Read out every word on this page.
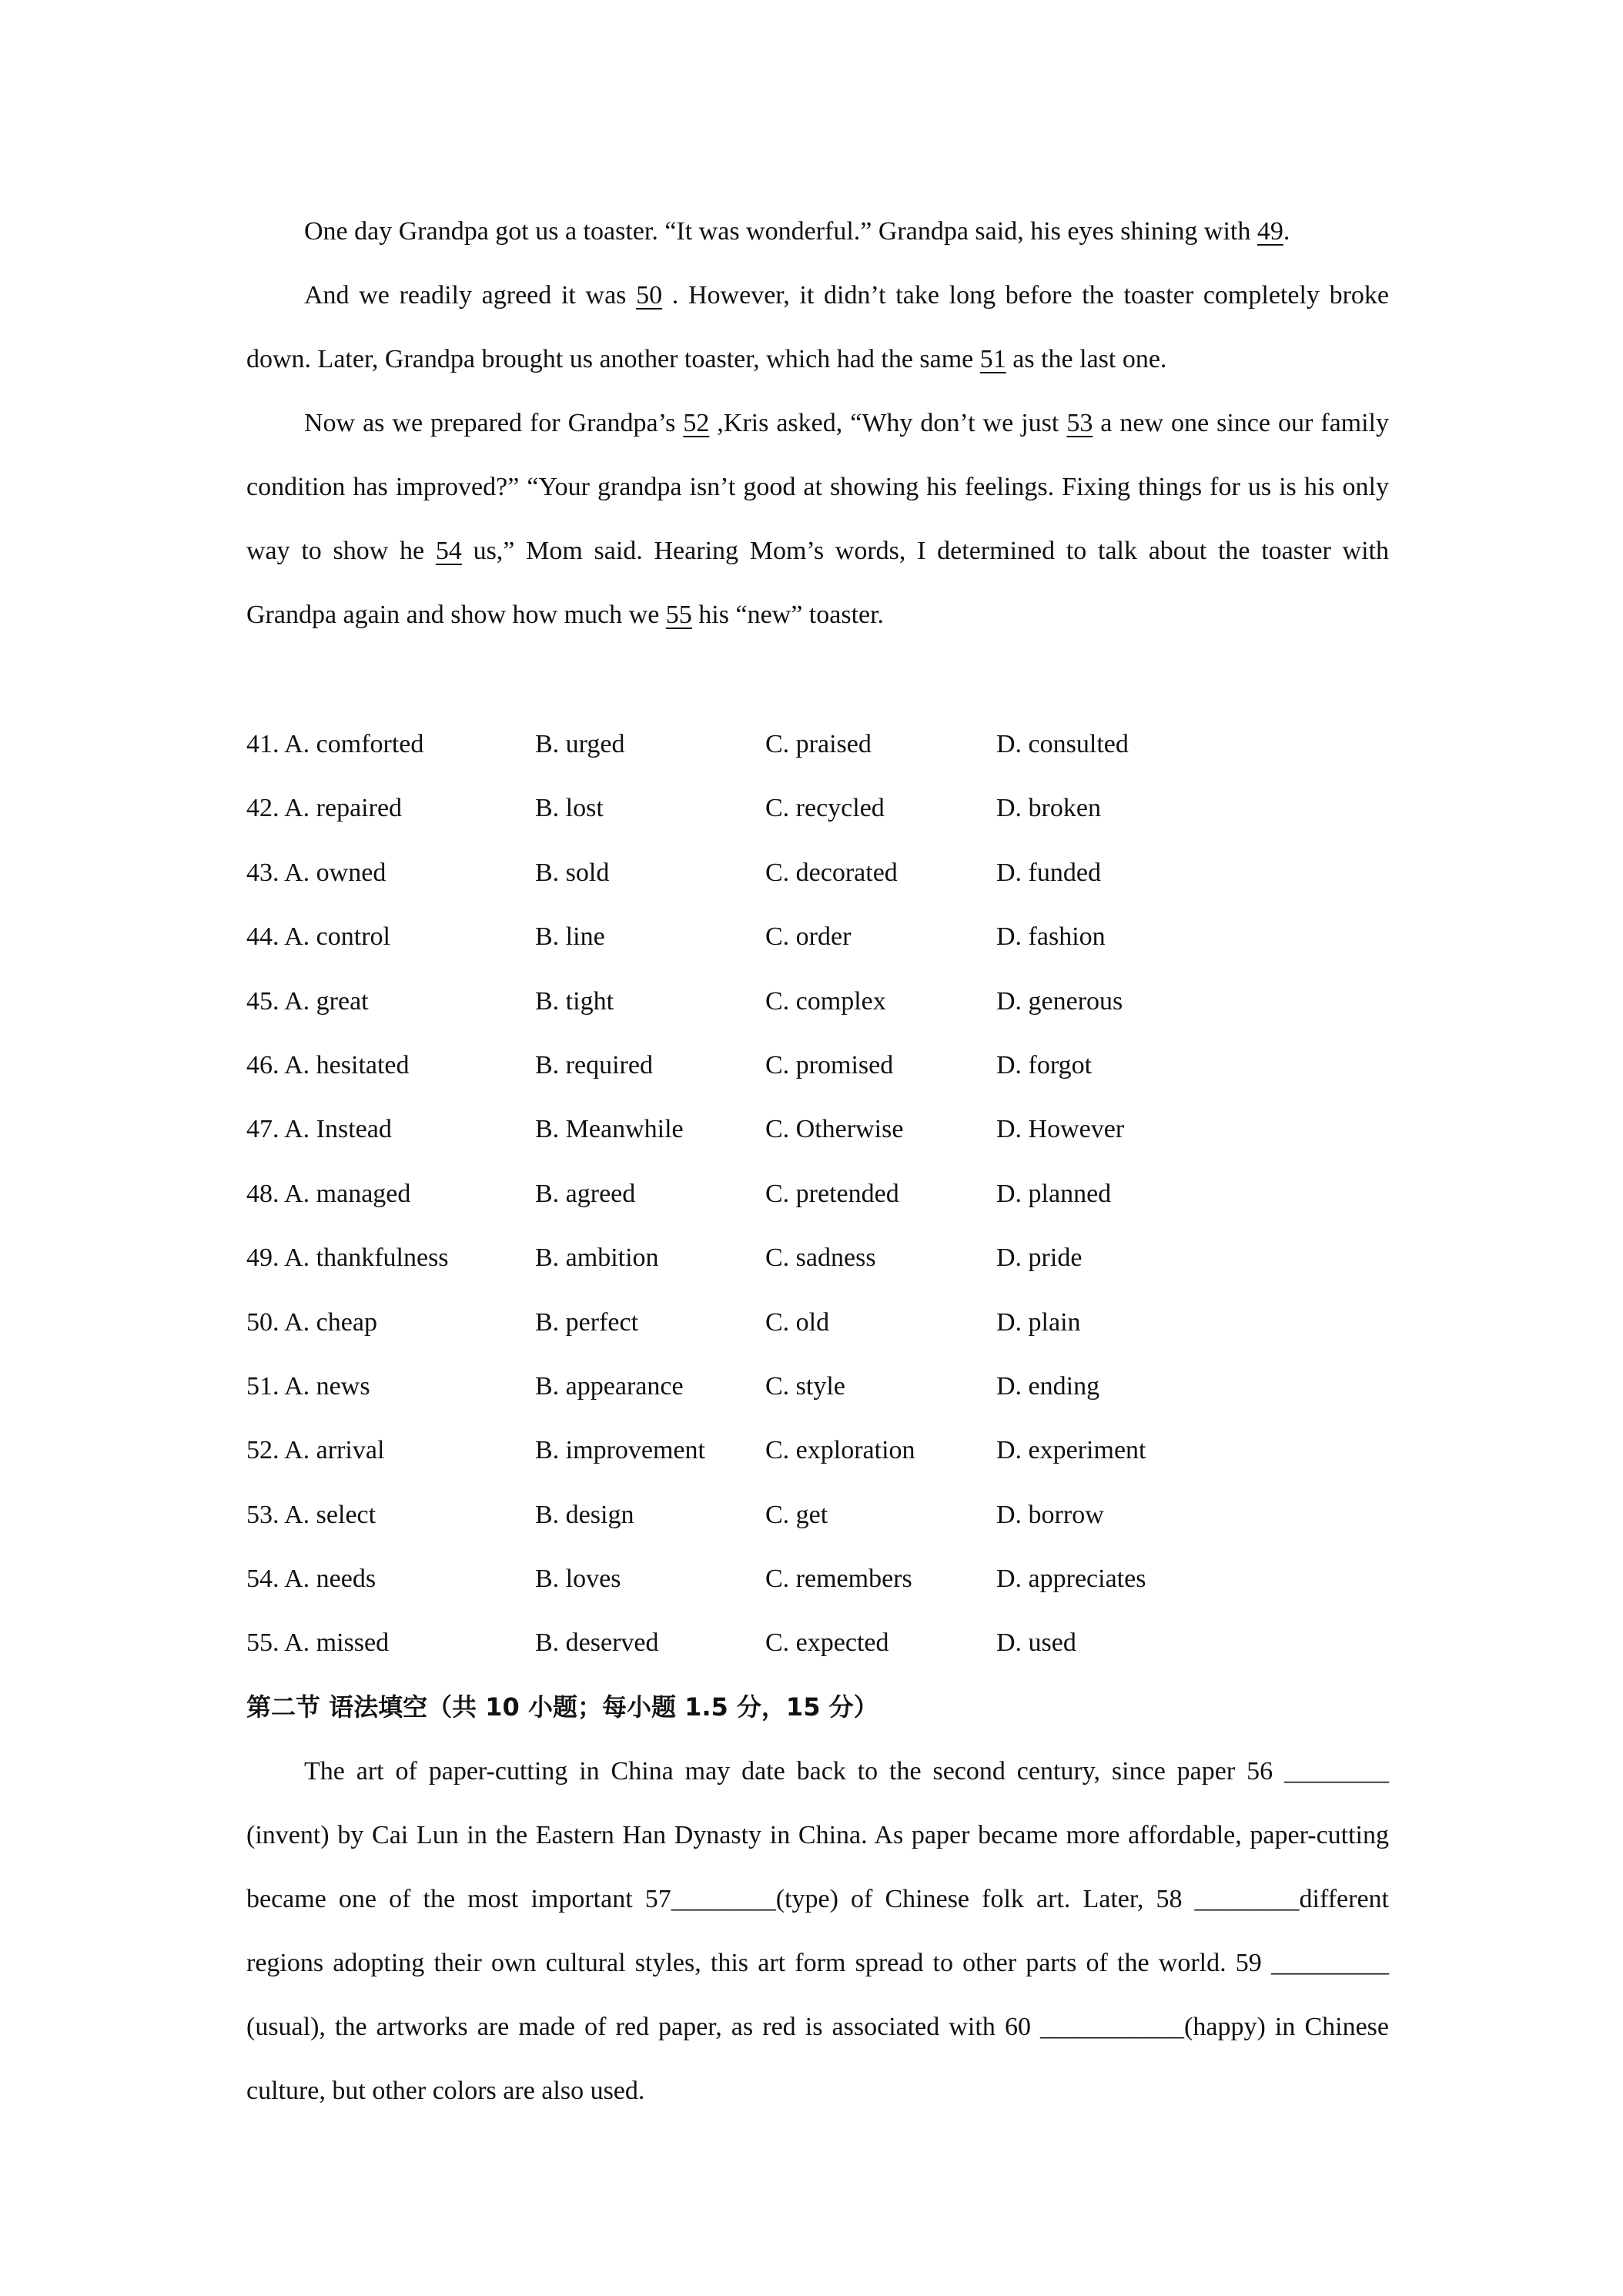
One day Grandpa got us a toaster. “It was wonderful.” Grandpa said, his eyes shining with 49.

And we readily agreed it was 50 . However, it didn’t take long before the toaster completely broke down. Later, Grandpa brought us another toaster, which had the same 51 as the last one.

Now as we prepared for Grandpa’s 52 ,Kris asked, “Why don’t we just 53 a new one since our family condition has improved?” “Your grandpa isn’t good at showing his feelings. Fixing things for us is his only way to show he 54 us,” Mom said. Hearing Mom’s words, I determined to talk about the toaster with Grandpa again and show how much we 55 his “new” toaster.

41. A. comforted	B. urged	C. praised	D. consulted
42. A. repaired	B. lost	C. recycled	D. broken
43. A. owned	B. sold	C. decorated	D. funded
44. A. control	B. line	C. order	D. fashion
45. A. great	B. tight	C. complex	D. generous
46. A. hesitated	B. required	C. promised	D. forgot
47. A. Instead	B. Meanwhile	C. Otherwise	D. However
48. A. managed	B. agreed	C. pretended	D. planned
49. A. thankfulness	B. ambition	C. sadness	D. pride
50. A. cheap	B. perfect	C. old	D. plain
51. A. news	B. appearance	C. style	D. ending
52. A. arrival	B. improvement C. exploration	D. experiment
53. A. select	B. design	C. get	D. borrow
54. A. needs	B. loves	C. remembers	D. appreciates
55. A. missed	B. deserved	C. expected	D. used
第二节 语法填空（共 10 小题；每小题 1.5 分，15 分）

The art of paper-cutting in China may date back to the second century, since paper 56 ________ (invent) by Cai Lun in the Eastern Han Dynasty in China. As paper became more affordable, paper-cutting became one of the most important 57________(type) of Chinese folk art. Later, 58 ________different regions adopting their own cultural styles, this art form spread to other parts of the world. 59 _________ (usual), the artworks are made of red paper, as red is associated with 60 ___________(happy) in Chinese culture, but other colors are also used.
